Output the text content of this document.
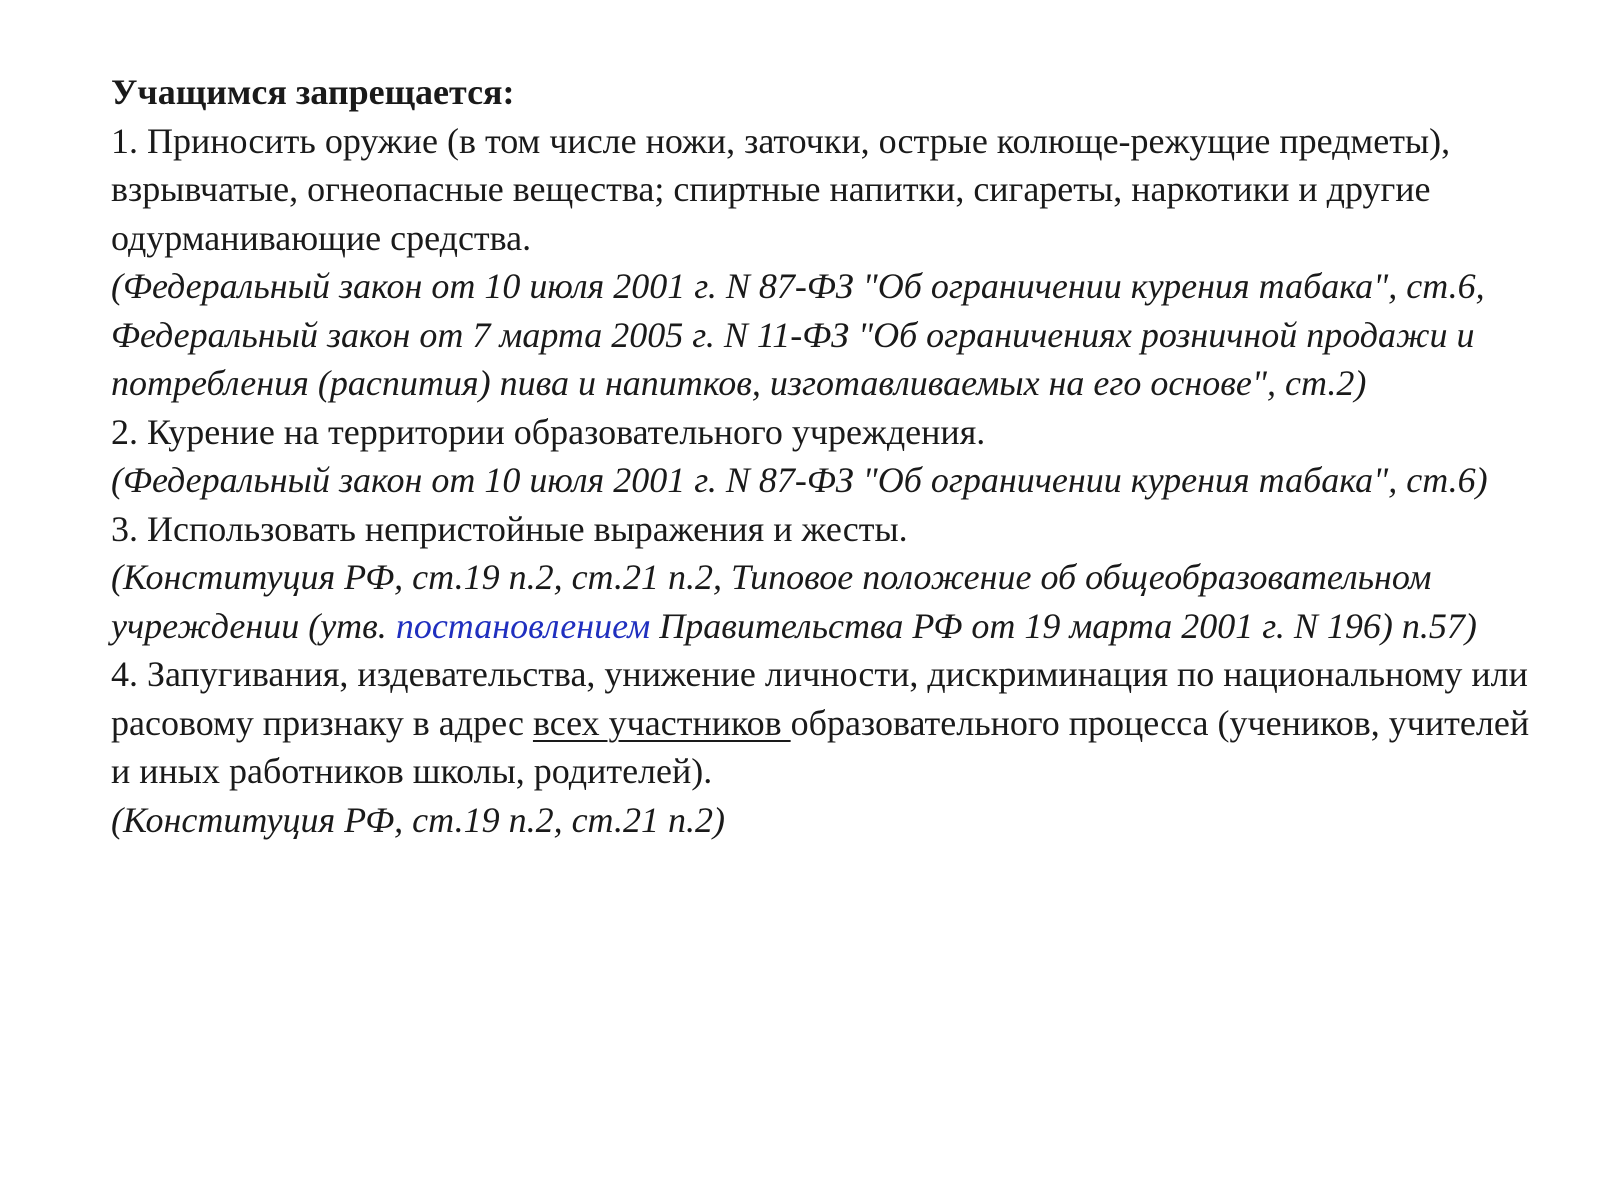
Учащимся запрещается:

1. Приносить оружие (в том числе ножи, заточки, острые колюще-режущие предметы), взрывчатые, огнеопасные вещества; спиртные напитки, сигареты, наркотики и другие одурманивающие средства.

(Федеральный закон от 10 июля 2001 г. N 87-ФЗ "Об ограничении курения табака", ст.6, Федеральный закон от 7 марта 2005 г. N 11-ФЗ "Об ограничениях розничной продажи и потребления (распития) пива и напитков, изготавливаемых на его основе", ст.2)

2. Курение на территории образовательного учреждения.

(Федеральный закон от 10 июля 2001 г. N 87-ФЗ "Об ограничении курения табака", ст.6)

3. Использовать непристойные выражения и жесты.

(Конституция РФ, ст.19 п.2, ст.21 п.2, Типовое положение об общеобразовательном учреждении (утв. постановлением Правительства РФ от 19 марта 2001 г. N 196) п.57)

4. Запугивания, издевательства, унижение личности, дискриминация по национальному или расовому признаку в адрес всех участников образовательного процесса (учеников, учителей и иных работников школы, родителей).

(Конституция РФ, ст.19 п.2, ст.21 п.2)
